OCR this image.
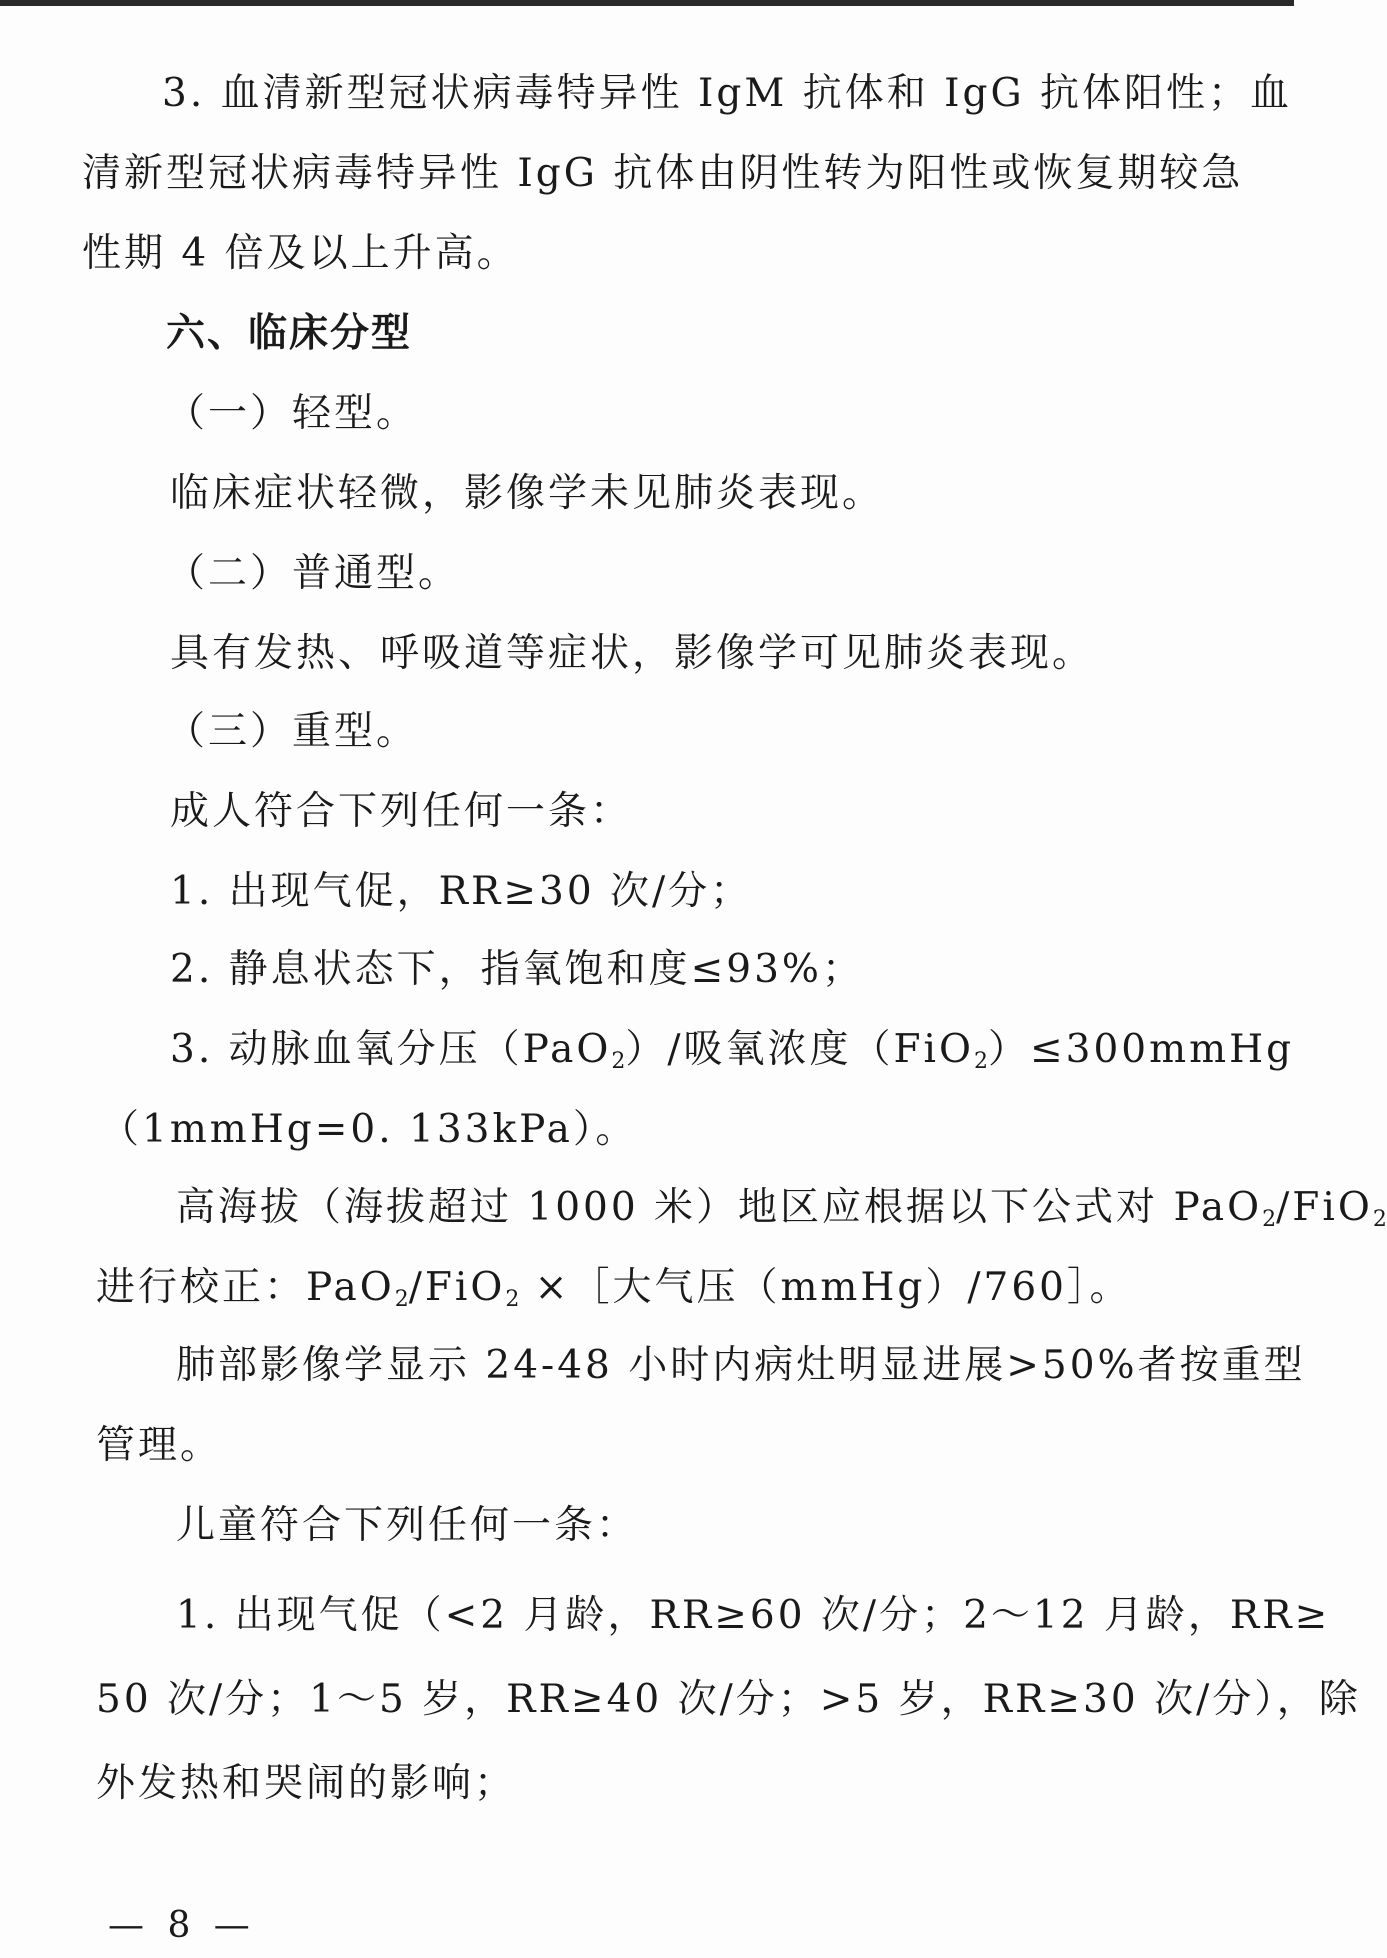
3. 血清新型冠状病毒特异性 IgM 抗体和 IgG 抗体阳性；血
清新型冠状病毒特异性 IgG 抗体由阴性转为阳性或恢复期较急
性期 4 倍及以上升高。
六、临床分型
（一）轻型。
临床症状轻微，影像学未见肺炎表现。
（二）普通型。
具有发热、呼吸道等症状，影像学可见肺炎表现。
（三）重型。
成人符合下列任何一条：
1. 出现气促，RR≥30 次/分；
2. 静息状态下，指氧饱和度≤93%；
3. 动脉血氧分压（PaO$_2$）/吸氧浓度（FiO$_2$）≤300mmHg
（1mmHg=0. 133kPa）。
高海拔（海拔超过 1000 米）地区应根据以下公式对 PaO$_2$/FiO$_2$
进行校正：PaO$_2$/FiO$_2$ ×［大气压（mmHg）/760］。
肺部影像学显示 24-48 小时内病灶明显进展>50%者按重型
管理。
儿童符合下列任何一条：
1. 出现气促（<2 月龄，RR≥60 次/分；2～12 月龄，RR≥
50 次/分；1～5 岁，RR≥40 次/分；>5 岁，RR≥30 次/分），除
外发热和哭闹的影响；
— 8 —
